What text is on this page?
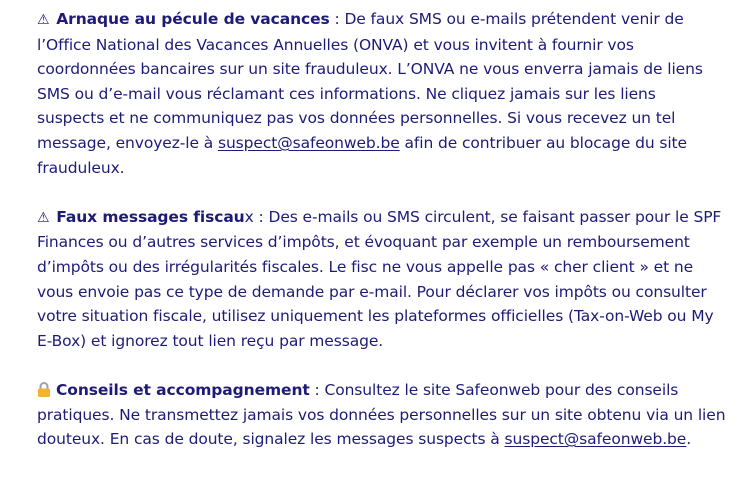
⚠ Arnaque au pécule de vacances : De faux SMS ou e-mails prétendent venir de l’Office National des Vacances Annuelles (ONVA) et vous invitent à fournir vos coordonnées bancaires sur un site frauduleux. L’ONVA ne vous enverra jamais de liens SMS ou d’e-mail vous réclamant ces informations. Ne cliquez jamais sur les liens suspects et ne communiquez pas vos données personnelles. Si vous recevez un tel message, envoyez-le à suspect@safeonweb.be afin de contribuer au blocage du site frauduleux.

⚠ Faux messages fiscaux : Des e-mails ou SMS circulent, se faisant passer pour le SPF Finances ou d’autres services d’impôts, et évoquant par exemple un remboursement d’impôts ou des irrégularités fiscales. Le fisc ne vous appelle pas « cher client » et ne vous envoie pas ce type de demande par e-mail. Pour déclarer vos impôts ou consulter votre situation fiscale, utilisez uniquement les plateformes officielles (Tax-on-Web ou My E-Box) et ignorez tout lien reçu par message.

Conseils et accompagnement : Consultez le site Safeonweb pour des conseils pratiques. Ne transmettez jamais vos données personnelles sur un site obtenu via un lien douteux. En cas de doute, signalez les messages suspects à suspect@safeonweb.be.
